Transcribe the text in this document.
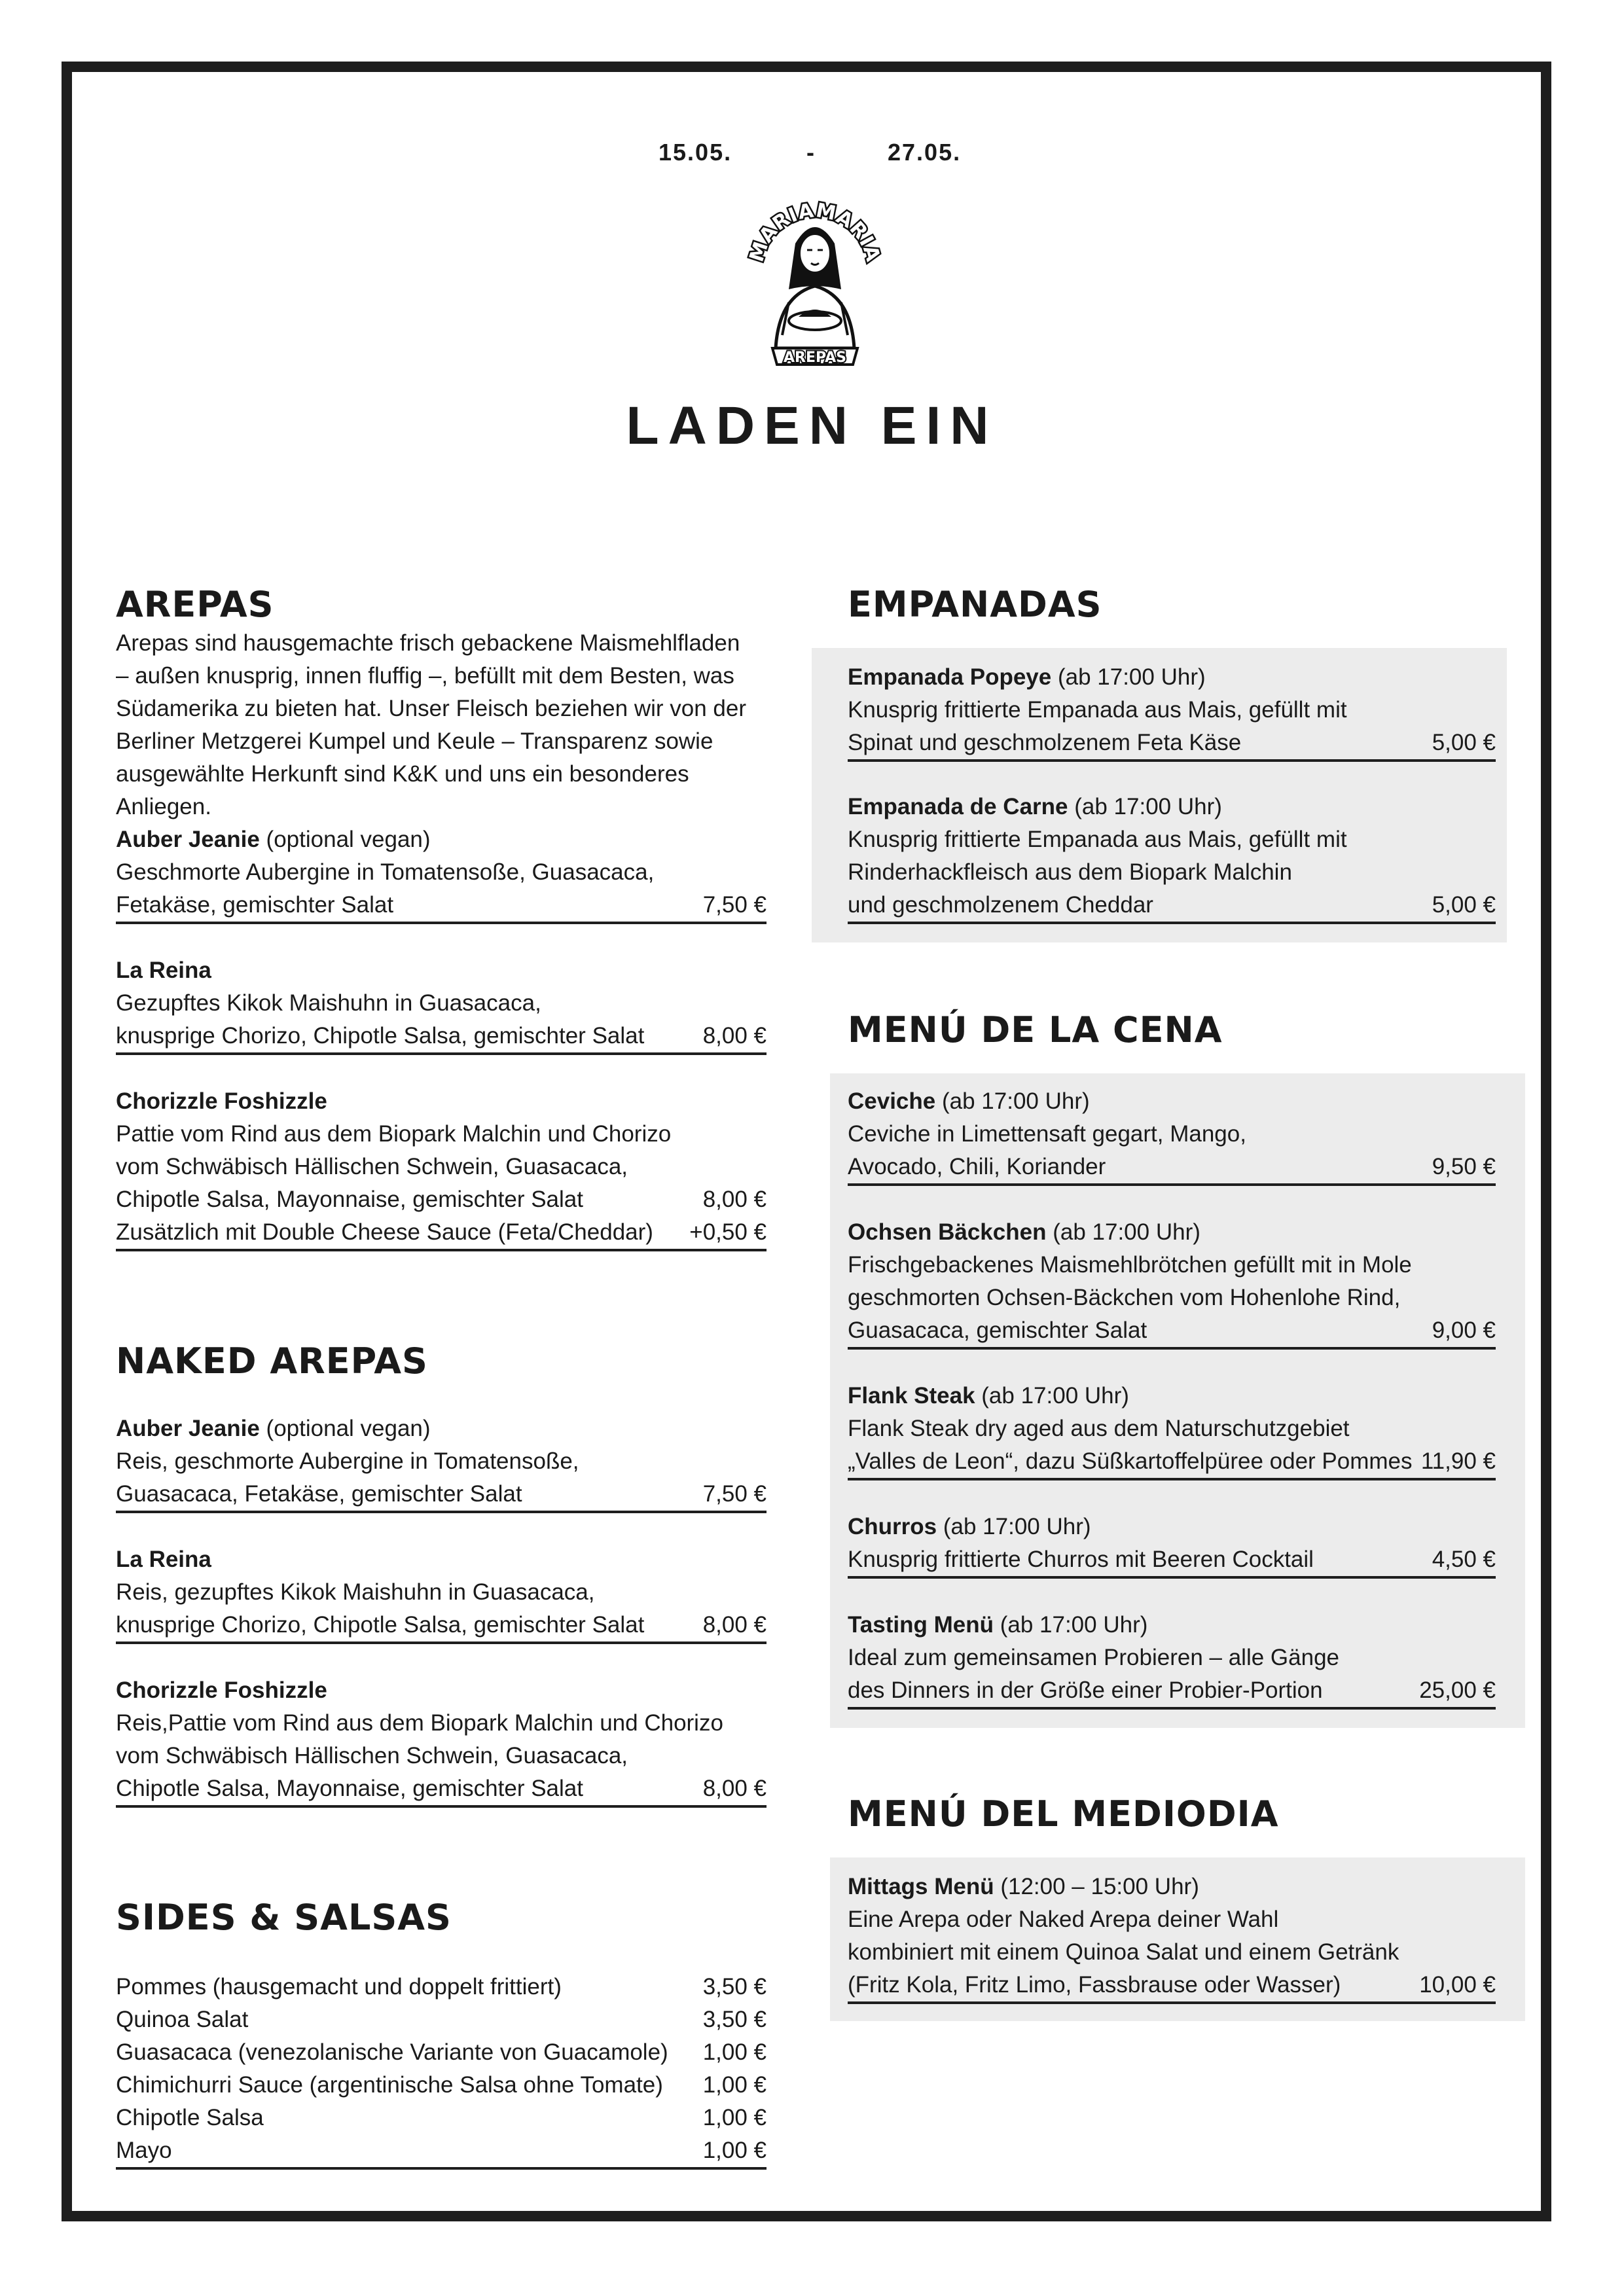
15.05.	-	27.05.
MARIAMARIA
AREPAS
LADEN EIN
AREPAS
Arepas sind hausgemachte frisch gebackene Maismehlfladen
– außen knusprig, innen fluffig –, befüllt mit dem Besten, was
Südamerika zu bieten hat. Unser Fleisch beziehen wir von der
Berliner Metzgerei Kumpel und Keule – Transparenz sowie
ausgewählte Herkunft sind K&K und uns ein besonderes Anliegen.
Auber Jeanie (optional vegan)
Geschmorte Aubergine in Tomatensoße, Guasacaca,
Fetakäse, gemischter Salat	7,50 €
La Reina
Gezupftes Kikok Maishuhn in Guasacaca,
knusprige Chorizo, Chipotle Salsa, gemischter Salat	8,00 €
Chorizzle Foshizzle
Pattie vom Rind aus dem Biopark Malchin und Chorizo
vom Schwäbisch Hällischen Schwein, Guasacaca,
Chipotle Salsa, Mayonnaise, gemischter Salat	8,00 €
Zusätzlich mit Double Cheese Sauce (Feta/Cheddar) +0,50 €
NAKED AREPAS
Auber Jeanie (optional vegan)
Reis, geschmorte Aubergine in Tomatensoße,
Guasacaca, Fetakäse, gemischter Salat	7,50 €
La Reina
Reis, gezupftes Kikok Maishuhn in Guasacaca,
knusprige Chorizo, Chipotle Salsa, gemischter Salat	8,00 €
Chorizzle Foshizzle
Reis,Pattie vom Rind aus dem Biopark Malchin und Chorizo
vom Schwäbisch Hällischen Schwein, Guasacaca,
Chipotle Salsa, Mayonnaise, gemischter Salat	8,00 €
SIDES & SALSAS
Pommes (hausgemacht und doppelt frittiert)	3,50 €
Quinoa Salat	3,50 €
Guasacaca (venezolanische Variante von Guacamole) 1,00 €
Chimichurri Sauce (argentinische Salsa ohne Tomate) 1,00 €
Chipotle Salsa	1,00 €
Mayo	1,00 €
EMPANADAS
Empanada Popeye (ab 17:00 Uhr)
Knusprig frittierte Empanada aus Mais, gefüllt mit
Spinat und geschmolzenem Feta Käse	5,00 €
Empanada de Carne (ab 17:00 Uhr)
Knusprig frittierte Empanada aus Mais, gefüllt mit
Rinderhackfleisch aus dem Biopark Malchin
und geschmolzenem Cheddar	5,00 €
MENÚ DE LA CENA
Ceviche (ab 17:00 Uhr)
Ceviche in Limettensaft gegart, Mango,
Avocado, Chili, Koriander	9,50 €
Ochsen Bäckchen (ab 17:00 Uhr)
Frischgebackenes Maismehlbrötchen gefüllt mit in Mole
geschmorten Ochsen-Bäckchen vom Hohenlohe Rind,
Guasacaca, gemischter Salat	9,00 €
Flank Steak (ab 17:00 Uhr)
Flank Steak dry aged aus dem Naturschutzgebiet
„Valles de Leon“, dazu Süßkartoffelpüree oder Pommes 11,90 €
Churros (ab 17:00 Uhr)
Knusprig frittierte Churros mit Beeren Cocktail	4,50 €
Tasting Menü (ab 17:00 Uhr)
Ideal zum gemeinsamen Probieren – alle Gänge
des Dinners in der Größe einer Probier-Portion	25,00 €
MENÚ DEL MEDIODIA
Mittags Menü (12:00 – 15:00 Uhr)
Eine Arepa oder Naked Arepa deiner Wahl
kombiniert mit einem Quinoa Salat und einem Getränk
(Fritz Kola, Fritz Limo, Fassbrause oder Wasser)	10,00 €
